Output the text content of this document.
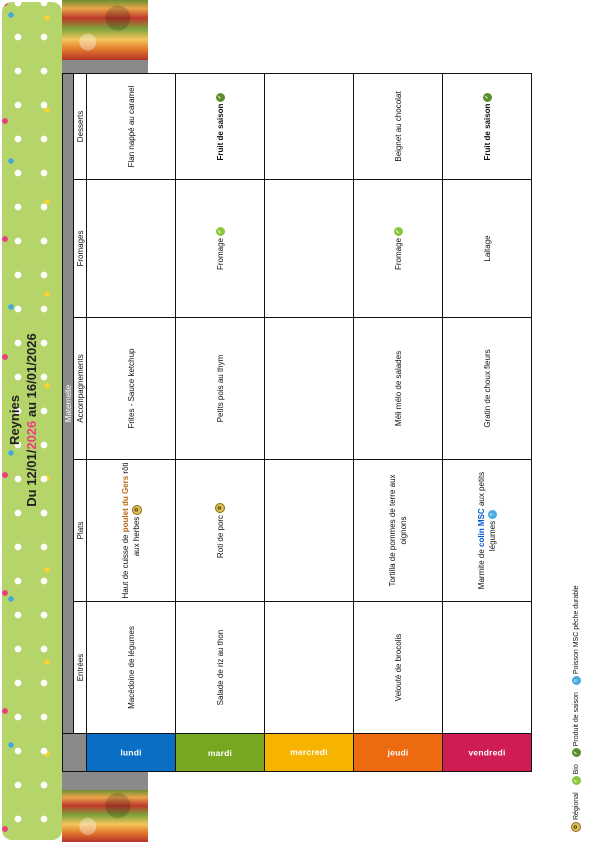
Reynies
Du 12/01/2026 au 16/01/2026
		Maternelle				
	Entrées	Plats	Accompagnements	Fromages	Desserts
lundi	Macédoine de légumes	Haut de cuisse de poulet du Gers rôti aux herbes✿	Frites - Sauce ketchup		Flan nappé au caramel
mardi	Salade de riz au thon	Roti de porc✿	Petits pois au thym	Fromage✓	Fruit de saison✓
mercredi					
jeudi	Velouté de brocolis	Tortilla de pommes de terre aux oignons	Méli mélo de salades	Fromage✓	Beignet au chocolat
vendredi		Marmite de colin MSC aux petits légumes≈	Gratin de choux fleurs	Laitage	Fruit de saison✓
✿
Régional
✓
Bio
✓
Produit de saison
≈
Poisson MSC pêche durable
